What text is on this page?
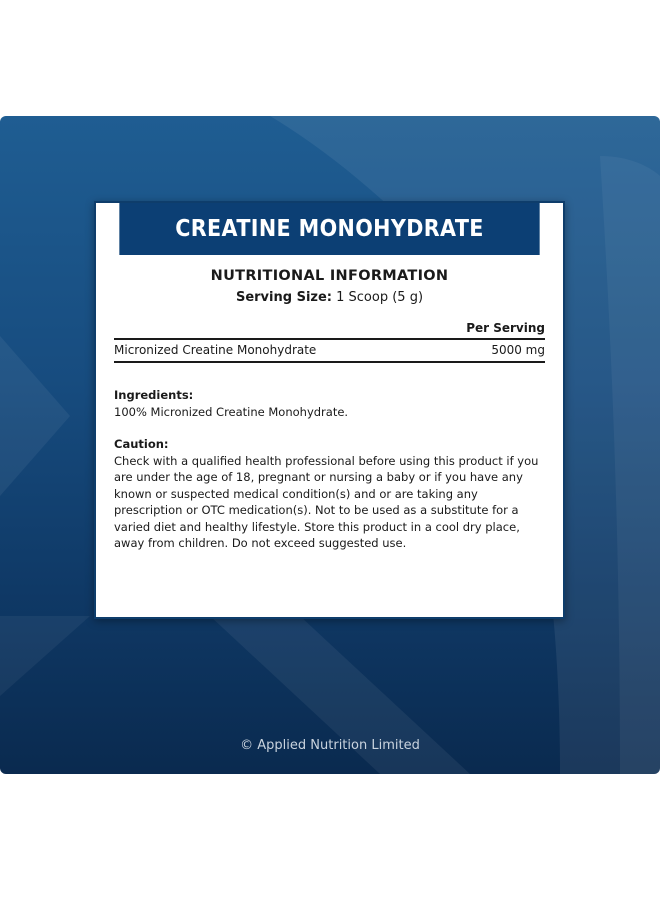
CREATINE MONOHYDRATE
NUTRITIONAL INFORMATION
Serving Size: 1 Scoop (5 g)
Per Serving
Micronized Creatine Monohydrate	5000 mg
Ingredients:
100% Micronized Creatine Monohydrate.
Caution:
Check with a qualified health professional before using this product if you are under the age of 18, pregnant or nursing a baby or if you have any known or suspected medical condition(s) and or are taking any prescription or OTC medication(s). Not to be used as a substitute for a varied diet and healthy lifestyle. Store this product in a cool dry place, away from children. Do not exceed suggested use.
© Applied Nutrition Limited
